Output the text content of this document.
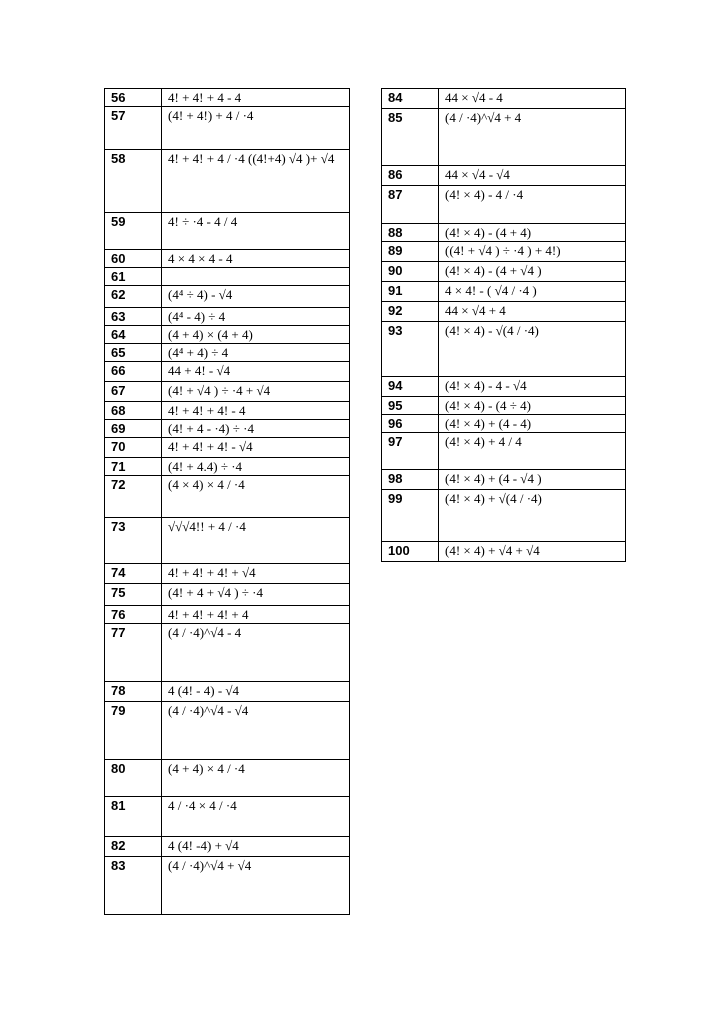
56	4! + 4! + 4 - 4
57	(4! + 4!) + 4 / ·4
58	4! + 4! + 4 / ·4 ((4!+4) √4 )+ √4
59	4! ÷ ·4 - 4 / 4
60	4 × 4 × 4 - 4
61	
62	(4⁴ ÷ 4) - √4
63	(4⁴ - 4) ÷ 4
64	(4 + 4) × (4 + 4)
65	(4⁴ + 4) ÷ 4
66	44 + 4! - √4
67	(4! + √4 ) ÷ ·4 + √4
68	4! + 4! + 4! - 4
69	(4! + 4 - ·4) ÷ ·4
70	4! + 4! + 4! - √4
71	(4! + 4.4) ÷ ·4
72	(4 × 4) × 4 / ·4
73	√√√4!! + 4 / ·4
74	4! + 4! + 4! + √4
75	(4! + 4 + √4 ) ÷ ·4
76	4! + 4! + 4! + 4
77	(4 / ·4)^√4 - 4
78	4 (4! - 4) - √4
79	(4 / ·4)^√4 - √4
80	(4 + 4) × 4 / ·4
81	4 / ·4 × 4 / ·4
82	4 (4! -4) + √4
83	(4 / ·4)^√4 + √4
84	44 × √4 - 4
85	(4 / ·4)^√4 + 4
86	44 × √4 - √4
87	(4! × 4) - 4 / ·4
88	(4! × 4) - (4 + 4)
89	((4! + √4 ) ÷ ·4 ) + 4!)
90	(4! × 4) - (4 + √4 )
91	4 × 4! - ( √4 / ·4 )
92	44 × √4 + 4
93	(4! × 4) - √(4 / ·4)
94	(4! × 4) - 4 - √4
95	(4! × 4) - (4 ÷ 4)
96	(4! × 4) + (4 - 4)
97	(4! × 4) + 4 / 4
98	(4! × 4) + (4 - √4 )
99	(4! × 4) + √(4 / ·4)
100	(4! × 4) + √4 + √4
